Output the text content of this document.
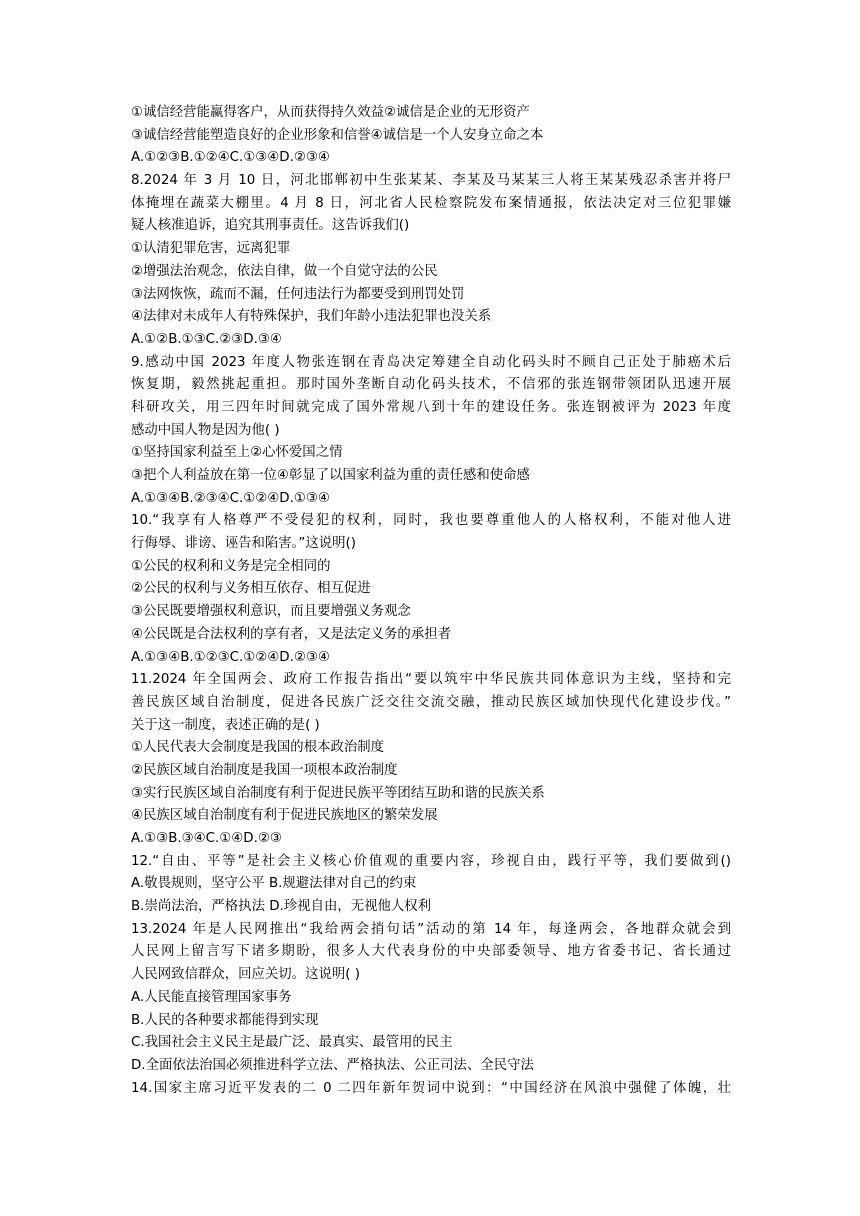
①诚信经营能赢得客户，从而获得持久效益②诚信是企业的无形资产
③诚信经营能塑造良好的企业形象和信誉④诚信是一个人安身立命之本
A.①②③B.①②④C.①③④D.②③④
8.2024 年 3 月 10 日，河北邯郸初中生张某某、李某及马某某三人将王某某残忍杀害并将尸
体掩埋在蔬菜大棚里。4 月 8 日，河北省人民检察院发布案情通报，依法决定对三位犯罪嫌
疑人核准追诉，追究其刑事责任。这告诉我们()
①认清犯罪危害，远离犯罪
②增强法治观念，依法自律，做一个自觉守法的公民
③法网恢恢，疏而不漏，任何违法行为都要受到刑罚处罚
④法律对未成年人有特殊保护，我们年龄小违法犯罪也没关系
A.①②B.①③C.②③D.③④
9.感动中国 2023 年度人物张连钢在青岛决定筹建全自动化码头时不顾自己正处于肺癌术后
恢复期，毅然挑起重担。那时国外垄断自动化码头技术，不信邪的张连钢带领团队迅速开展
科研攻关，用三四年时间就完成了国外常规八到十年的建设任务。张连钢被评为 2023 年度
感动中国人物是因为他( )
①坚持国家利益至上②心怀爱国之情
③把个人利益放在第一位④彰显了以国家利益为重的责任感和使命感
A.①③④B.②③④C.①②④D.①③④
10.“我享有人格尊严不受侵犯的权利，同时，我也要尊重他人的人格权利，不能对他人进
行侮辱、诽谤、诬告和陷害。”这说明()
①公民的权利和义务是完全相同的
②公民的权利与义务相互依存、相互促进
③公民既要增强权利意识，而且要增强义务观念
④公民既是合法权利的享有者，又是法定义务的承担者
A.①③④B.①②③C.①②④D.②③④
11.2024 年全国两会、政府工作报告指出“要以筑牢中华民族共同体意识为主线，坚持和完
善民族区域自治制度，促进各民族广泛交往交流交融，推动民族区域加快现代化建设步伐。”
关于这一制度，表述正确的是( )
①人民代表大会制度是我国的根本政治制度
②民族区域自治制度是我国一项根本政治制度
③实行民族区域自治制度有利于促进民族平等团结互助和谐的民族关系
④民族区域自治制度有利于促进民族地区的繁荣发展
A.①③B.③④C.①④D.②③
12.“自由、平等”是社会主义核心价值观的重要内容，珍视自由，践行平等，我们要做到()
A.敬畏规则，坚守公平 B.规避法律对自己的约束
B.崇尚法治，严格执法 D.珍视自由，无视他人权利
13.2024 年是人民网推出“我给两会捎句话”活动的第 14 年，每逢两会，各地群众就会到
人民网上留言写下诸多期盼，很多人大代表身份的中央部委领导、地方省委书记、省长通过
人民网致信群众，回应关切。这说明( )
A.人民能直接管理国家事务
B.人民的各种要求都能得到实现
C.我国社会主义民主是最广泛、最真实、最管用的民主
D.全面依法治国必须推进科学立法、严格执法、公正司法、全民守法
14.国家主席习近平发表的二 0 二四年新年贺词中说到：“中国经济在风浪中强健了体魄，壮
